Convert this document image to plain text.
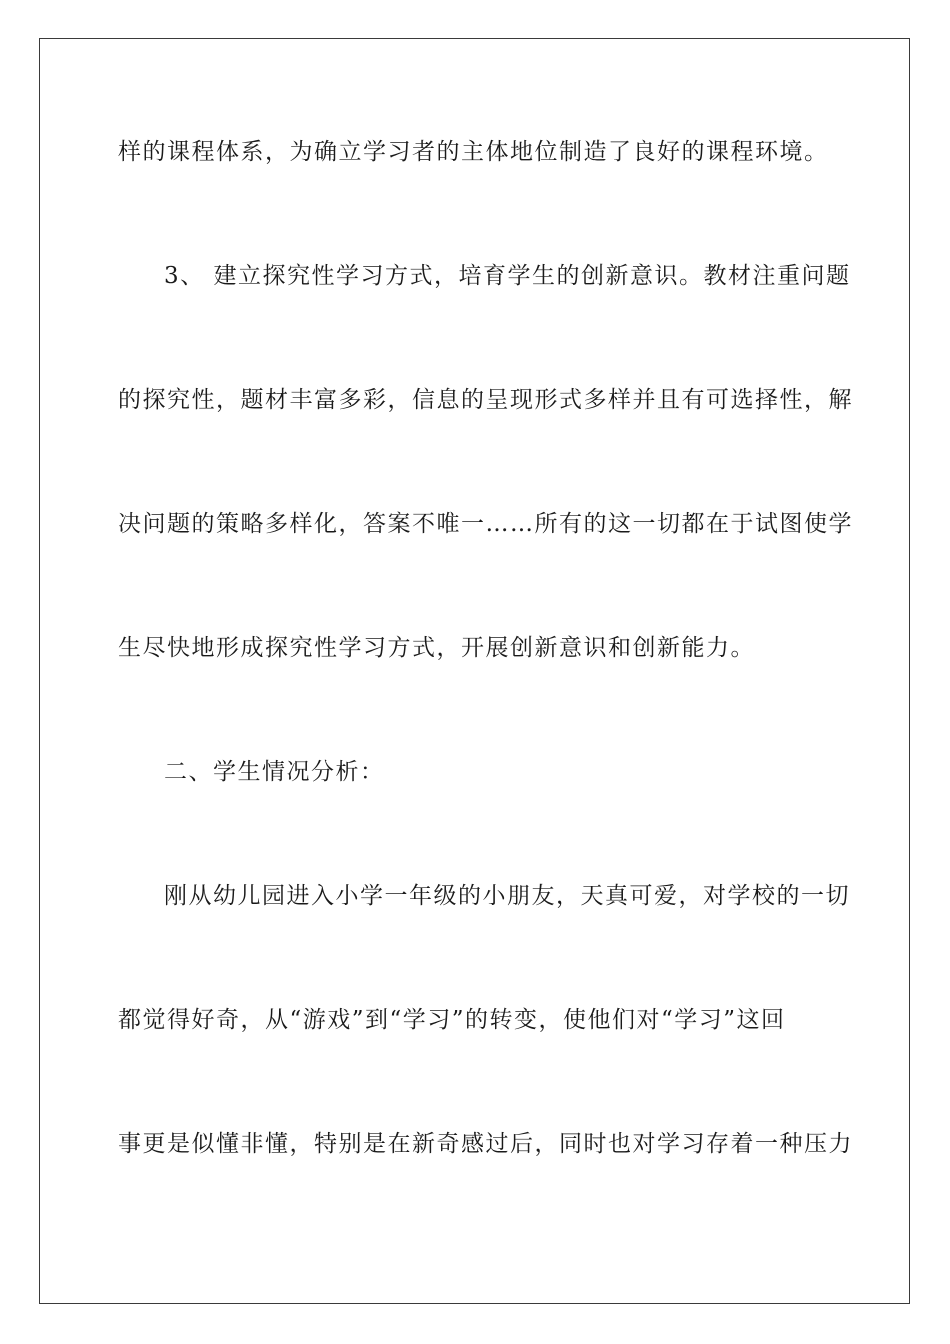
样的课程体系，为确立学习者的主体地位制造了良好的课程环境。
3、 建立探究性学习方式，培育学生的创新意识。教材注重问题
的探究性，题材丰富多彩，信息的呈现形式多样并且有可选择性，解
决问题的策略多样化，答案不唯一……所有的这一切都在于试图使学
生尽快地形成探究性学习方式，开展创新意识和创新能力。
二、学生情况分析：
刚从幼儿园进入小学一年级的小朋友，天真可爱，对学校的一切
都觉得好奇，从“游戏”到“学习”的转变，使他们对“学习”这回
事更是似懂非懂，特别是在新奇感过后，同时也对学习存着一种压力
